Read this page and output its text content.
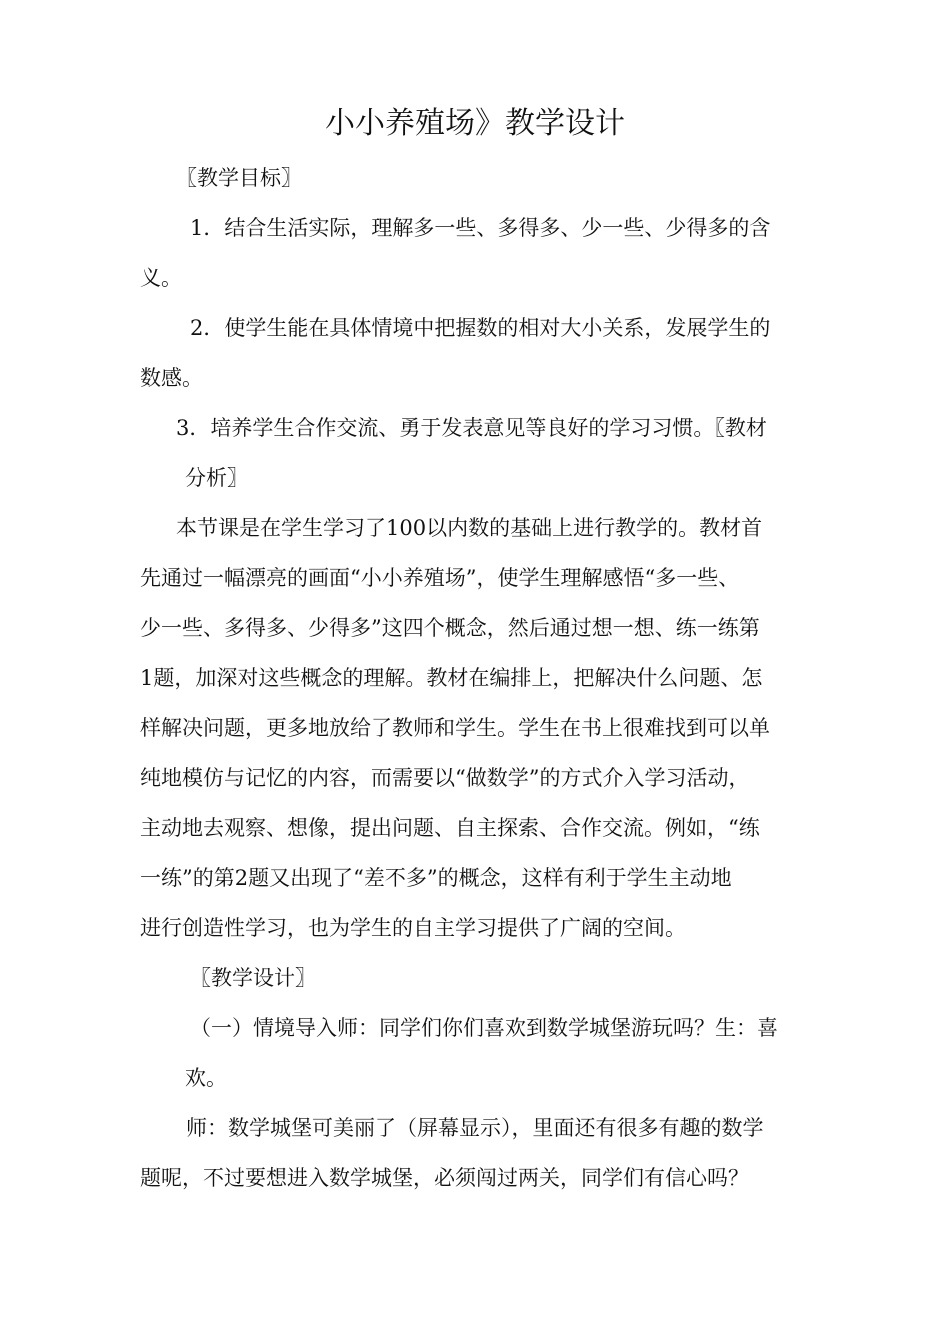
小小养殖场》教学设计
〖教学目标〗
1．结合生活实际，理解多一些、多得多、少一些、少得多的含
义。
2．使学生能在具体情境中把握数的相对大小关系，发展学生的
数感。
3．培养学生合作交流、勇于发表意见等良好的学习习惯。〖教材
分析〗
本节课是在学生学习了100以内数的基础上进行教学的。教材首
先通过一幅漂亮的画面“小小养殖场”，使学生理解感悟“多一些、
少一些、多得多、少得多”这四个概念，然后通过想一想、练一练第
1题，加深对这些概念的理解。教材在编排上，把解决什么问题、怎
样解决问题，更多地放给了教师和学生。学生在书上很难找到可以单
纯地模仿与记忆的内容，而需要以“做数学”的方式介入学习活动，
主动地去观察、想像，提出问题、自主探索、合作交流。例如，“练
一练”的第2题又出现了“差不多”的概念，这样有利于学生主动地
进行创造性学习，也为学生的自主学习提供了广阔的空间。
〖教学设计〗
（一）情境导入师：同学们你们喜欢到数学城堡游玩吗？生：喜
欢。
师：数学城堡可美丽了（屏幕显示），里面还有很多有趣的数学
题呢，不过要想进入数学城堡，必须闯过两关，同学们有信心吗？
